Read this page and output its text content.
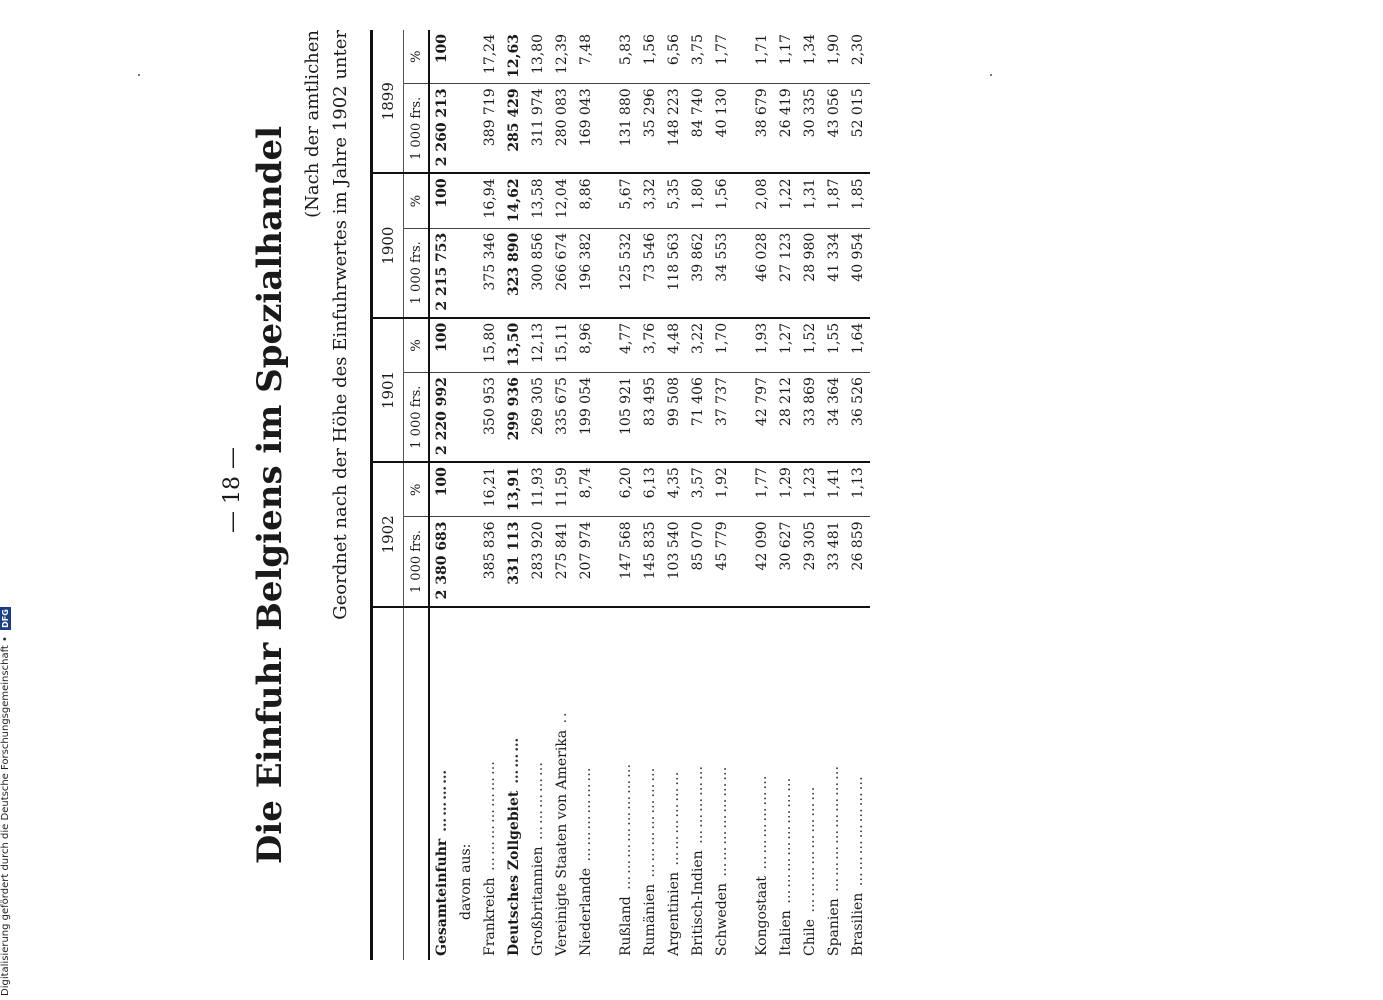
Digitalisierung gefördert durch die Deutsche Forschungsgemeinschaft • DFG
— 18 — Die Einfuhr Belgiens im Spezialhandel
(Nach der amtlichen Geordnet nach der Höhe des Einfuhrwertes im Jahre 1902 unter
	1902		1901		1900		1899	
	1 000 frs.	%	1 000 frs.	%	1 000 frs.	%	1 000 frs.	%
Gesamteinfuhr …………	2 380 683	100	2 220 992	100	2 215 753	100	2 260 213	100
davon aus:								
Frankreich …………………	385 836	16,21	350 953	15,80	375 346	16,94	389 719	17,24
Deutsches Zollgebiet ………	331 113	13,91	299 936	13,50	323 890	14,62	285 429	12,63
Großbritannien ……………	283 920	11,93	269 305	12,13	300 856	13,58	311 974	13,80
Vereinigte Staaten von Amerika ..	275 841	11,59	335 675	15,11	266 674	12,04	280 083	12,39
Niederlande ………………	207 974	8,74	199 054	8,96	196 382	8,86	169 043	7,48

Rußland ……………………	147 568	6,20	105 921	4,77	125 532	5,67	131 880	5,83
Rumänien …………………	145 835	6,13	83 495	3,76	73 546	3,32	35 296	1,56
Argentinien ………………	103 540	4,35	99 508	4,48	118 563	5,35	148 223	6,56
Britisch-Indien ……………	85 070	3,57	71 406	3,22	39 862	1,80	84 740	3,75
Schweden …………………	45 779	1,92	37 737	1,70	34 553	1,56	40 130	1,77

Kongostaat ………………	42 090	1,77	42 797	1,93	46 028	2,08	38 679	1,71
Italien ……………………	30 627	1,29	28 212	1,27	27 123	1,22	26 419	1,17
Chile ……………………	29 305	1,23	33 869	1,52	28 980	1,31	30 335	1,34
Spanien ……………………	33 481	1,41	34 364	1,55	41 334	1,87	43 056	1,90
Brasilien …………………	26 859	1,13	36 526	1,64	40 954	1,85	52 015	2,30
